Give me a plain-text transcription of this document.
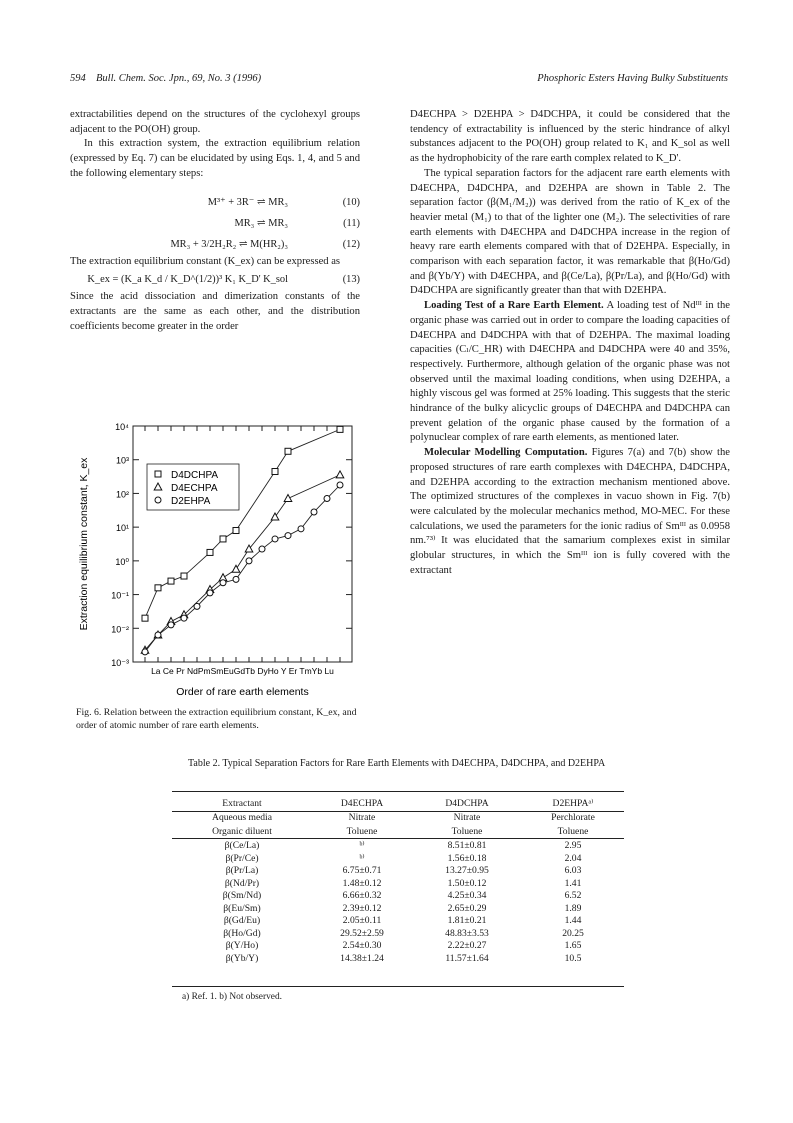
594 Bull. Chem. Soc. Jpn., 69, No. 3 (1996)	Phosphoric Esters Having Bulky Substituents

extractabilities depend on the structures of the cyclohexyl groups adjacent to the PO(OH) group.

In this extraction system, the extraction equilibrium relation (expressed by Eq. 7) can be elucidated by using Eqs. 1, 4, and 5 and the following elementary steps:

M³⁺ + 3R⁻ ⇌ MR₃	(10)
MR₃ ⇌ MR₃	(11)
MR₃ + 3/2H₂R₂ ⇌ M(HR₂)₃	(12)

The extraction equilibrium constant (K_ex) can be expressed as

K_ex = (K_a K_d / K_D^(1/2))³ K₁ K_D' K_sol	(13)

Since the acid dissociation and dimerization constants of the extractants are the same as each other, and the distribution coefficients become greater in the order

10⁻³
10⁻²
10⁻¹
10⁰
10¹
10²
10³
10⁴
La Ce Pr NdPmSmEuGdTb DyHo Y Er TmYb Lu
Order of rare earth elements
Extraction equilibrium constant, K_ex	D4DCHPA
D4ECHPA
D2EHPA
Fig. 6. Relation between the extraction equilibrium constant, K_ex, and order of atomic number of rare earth elements.

D4ECHPA > D2EHPA > D4DCHPA, it could be considered that the tendency of extractability is influenced by the steric hindrance of alkyl substances adjacent to the PO(OH) group related to K₁ and K_sol as well as the hydrophobicity of the rare earth complex related to K_D'.

The typical separation factors for the adjacent rare earth elements with D4ECHPA, D4DCHPA, and D2EHPA are shown in Table 2. The separation factor (β(M₁/M₂)) was derived from the ratio of K_ex of the heavier metal (M₁) to that of the lighter one (M₂). The selectivities of rare earth elements with D4ECHPA and D4DCHPA increase in the region of heavy rare earth elements compared with that of D2EHPA. Especially, in comparison with each separation factor, it was remarkable that β(Ho/Gd) and β(Yb/Y) with D4ECHPA, and β(Ce/La), β(Pr/La), and β(Ho/Gd) with D4DCHPA are significantly greater than that with D2EHPA.

Loading Test of a Rare Earth Element. A loading test of Ndᴵᴵᴵ in the organic phase was carried out in order to compare the loading capacities of D4ECHPA and D4DCHPA with that of D2EHPA. The maximal loading capacities (Cₗ/C_HR) with D4ECHPA and D4DCHPA were 40 and 35%, respectively. Furthermore, although gelation of the organic phase was not observed until the maximal loading conditions, when using D2EHPA, a highly viscous gel was formed at 25% loading. This suggests that the steric hindrance of the bulky alicyclic groups of D4ECHPA and D4DCHPA can prevent gelation of the organic phase caused by the formation of a polynuclear complex of rare earth elements, as mentioned later.

Molecular Modelling Computation. Figures 7(a) and 7(b) show the proposed structures of rare earth complexes with D4ECHPA, D4DCHPA, and D2EHPA according to the extraction mechanism mentioned above. The optimized structures of the complexes in vacuo shown in Fig. 7(b) were calculated by the molecular mechanics method, MO-MEC. For these calculations, we used the parameters for the ionic radius of Smᴵᴵᴵ as 0.0958 nm.⁷³⁾ It was elucidated that the samarium complexes exist in similar globular structures, in which the Smᴵᴵᴵ ion is fully covered with the extractant

Table 2. Typical Separation Factors for Rare Earth Elements with D4ECHPA, D4DCHPA, and D2EHPA
Extractant	D4ECHPA	D4DCHPA	D2EHPAᵃ⁾
Aqueous media	Nitrate	Nitrate	Perchlorate
Organic diluent	Toluene	Toluene	Toluene
β(Ce/La)	ᵇ⁾	8.51±0.81	2.95
β(Pr/Ce)	ᵇ⁾	1.56±0.18	2.04
β(Pr/La)	6.75±0.71	13.27±0.95	6.03
β(Nd/Pr)	1.48±0.12	1.50±0.12	1.41
β(Sm/Nd)	6.66±0.32	4.25±0.34	6.52
β(Eu/Sm)	2.39±0.12	2.65±0.29	1.89
β(Gd/Eu)	2.05±0.11	1.81±0.21	1.44
β(Ho/Gd)	29.52±2.59	48.83±3.53	20.25
β(Y/Ho)	2.54±0.30	2.22±0.27	1.65
β(Yb/Y)	14.38±1.24	11.57±1.64	10.5
a) Ref. 1. b) Not observed.
